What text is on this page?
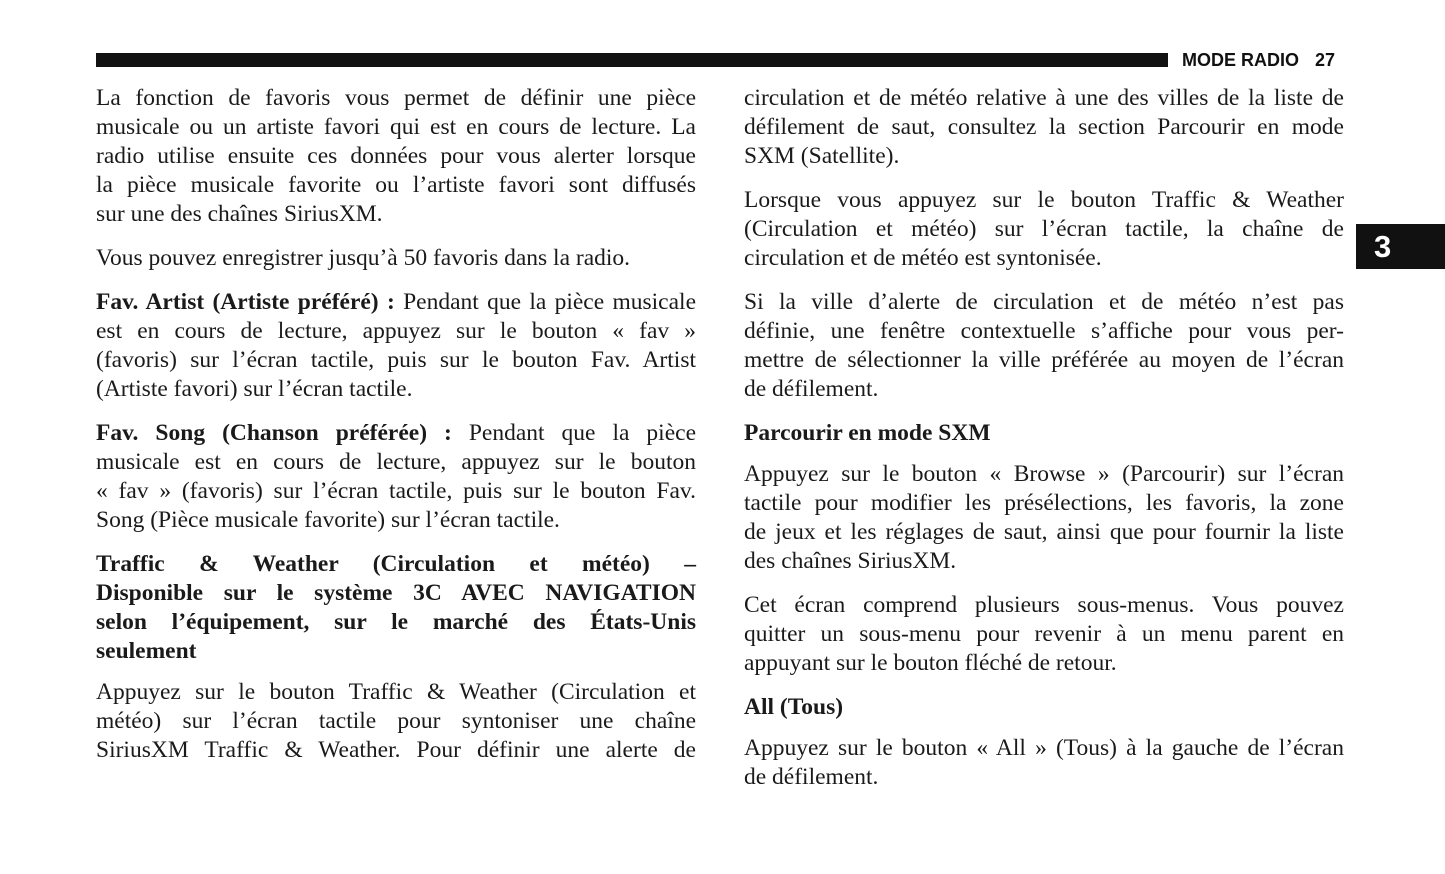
MODE RADIO 27
3
La fonction de favoris vous permet de définir une pièce
musicale ou un artiste favori qui est en cours de lecture. La
radio utilise ensuite ces données pour vous alerter lorsque
la pièce musicale favorite ou l’artiste favori sont diffusés
sur une des chaînes SiriusXM.
Vous pouvez enregistrer jusqu’à 50 favoris dans la radio.
Fav. Artist (Artiste préféré) : Pendant que la pièce musicale
est en cours de lecture, appuyez sur le bouton « fav »
(favoris) sur l’écran tactile, puis sur le bouton Fav. Artist
(Artiste favori) sur l’écran tactile.
Fav. Song (Chanson préférée) : Pendant que la pièce
musicale est en cours de lecture, appuyez sur le bouton
« fav » (favoris) sur l’écran tactile, puis sur le bouton Fav.
Song (Pièce musicale favorite) sur l’écran tactile.
Traffic & Weather (Circulation et météo) –
Disponible sur le système 3C AVEC NAVIGATION
selon l’équipement, sur le marché des États-Unis
seulement
Appuyez sur le bouton Traffic & Weather (Circulation et
météo) sur l’écran tactile pour syntoniser une chaîne
SiriusXM Traffic & Weather. Pour définir une alerte de
circulation et de météo relative à une des villes de la liste de
défilement de saut, consultez la section Parcourir en mode
SXM (Satellite).
Lorsque vous appuyez sur le bouton Traffic & Weather
(Circulation et météo) sur l’écran tactile, la chaîne de
circulation et de météo est syntonisée.
Si la ville d’alerte de circulation et de météo n’est pas
définie, une fenêtre contextuelle s’affiche pour vous per-
mettre de sélectionner la ville préférée au moyen de l’écran
de défilement.
Parcourir en mode SXM
Appuyez sur le bouton « Browse » (Parcourir) sur l’écran
tactile pour modifier les présélections, les favoris, la zone
de jeux et les réglages de saut, ainsi que pour fournir la liste
des chaînes SiriusXM.
Cet écran comprend plusieurs sous-menus. Vous pouvez
quitter un sous-menu pour revenir à un menu parent en
appuyant sur le bouton fléché de retour.
All (Tous)
Appuyez sur le bouton « All » (Tous) à la gauche de l’écran
de défilement.
